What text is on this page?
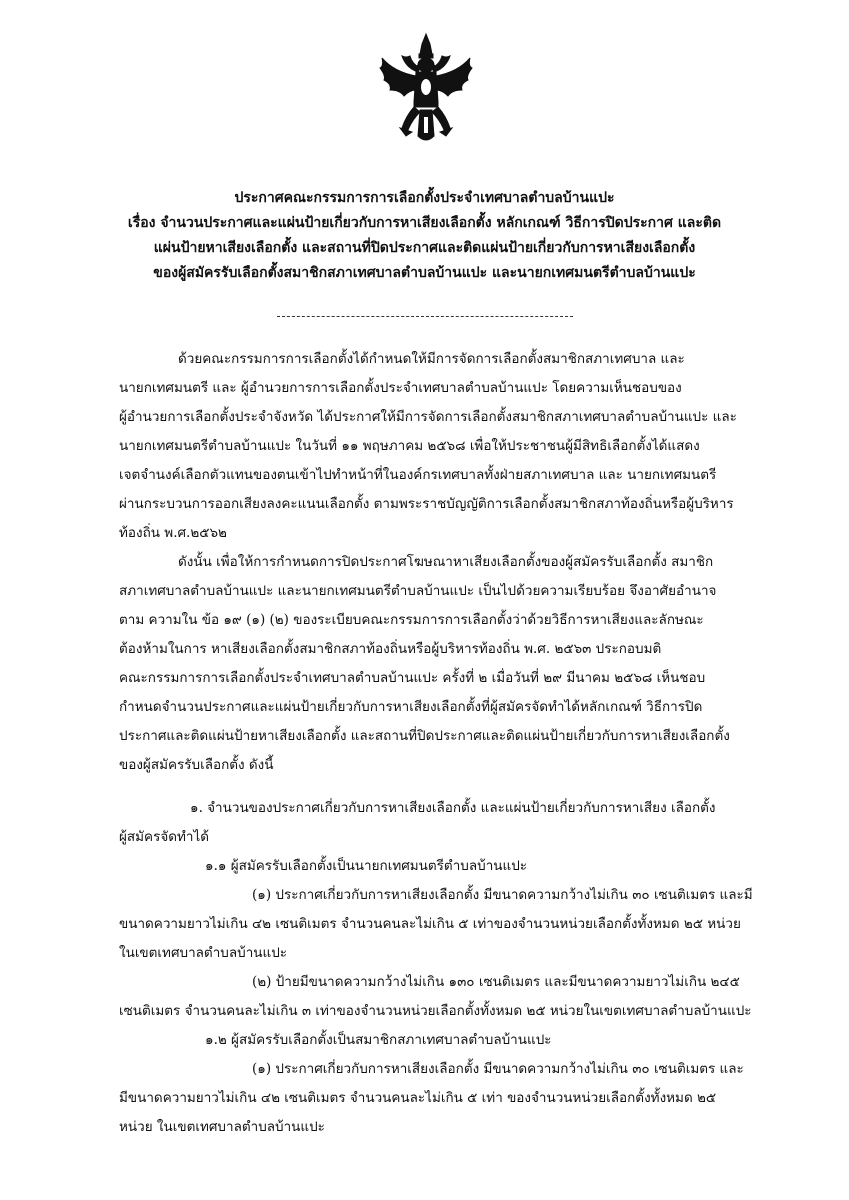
ประกาศคณะกรรมการการเลือกตั้งประจำเทศบาลตำบลบ้านแปะ
เรื่อง จำนวนประกาศและแผ่นป้ายเกี่ยวกับการหาเสียงเลือกตั้ง หลักเกณฑ์ วิธีการปิดประกาศ และติด
แผ่นป้ายหาเสียงเลือกตั้ง และสถานที่ปิดประกาศและติดแผ่นป้ายเกี่ยวกับการหาเสียงเลือกตั้ง
ของผู้สมัครรับเลือกตั้งสมาชิกสภาเทศบาลตำบลบ้านแปะ และนายกเทศมนตรีตำบลบ้านแปะ
ด้วยคณะกรรมการการเลือกตั้งได้กำหนดให้มีการจัดการเลือกตั้งสมาชิกสภาเทศบาล และ
นายกเทศมนตรี และ ผู้อำนวยการการเลือกตั้งประจำเทศบาลตำบลบ้านแปะ โดยความเห็นชอบของ
ผู้อำนวยการเลือกตั้งประจำจังหวัด ได้ประกาศให้มีการจัดการเลือกตั้งสมาชิกสภาเทศบาลตำบลบ้านแปะ และ
นายกเทศมนตรีตำบลบ้านแปะ ในวันที่ ๑๑ พฤษภาคม ๒๕๖๘ เพื่อให้ประชาชนผู้มีสิทธิเลือกตั้งได้แสดง
เจตจำนงค์เลือกตัวแทนของตนเข้าไปทำหน้าที่ในองค์กรเทศบาลทั้งฝ่ายสภาเทศบาล และ นายกเทศมนตรี
ผ่านกระบวนการออกเสียงลงคะแนนเลือกตั้ง ตามพระราชบัญญัติการเลือกตั้งสมาชิกสภาท้องถิ่นหรือผู้บริหาร
ท้องถิ่น พ.ศ.๒๕๖๒
ดังนั้น เพื่อให้การกำหนดการปิดประกาศโฆษณาหาเสียงเลือกตั้งของผู้สมัครรับเลือกตั้ง สมาชิก
สภาเทศบาลตำบลบ้านแปะ และนายกเทศมนตรีตำบลบ้านแปะ เป็นไปด้วยความเรียบร้อย จึงอาศัยอำนาจ
ตาม ความใน ข้อ ๑๙ (๑) (๒) ของระเบียบคณะกรรมการการเลือกตั้งว่าด้วยวิธีการหาเสียงและลักษณะ
ต้องห้ามในการ หาเสียงเลือกตั้งสมาชิกสภาท้องถิ่นหรือผู้บริหารท้องถิ่น พ.ศ. ๒๕๖๓ ประกอบมติ
คณะกรรมการการเลือกตั้งประจำเทศบาลตำบลบ้านแปะ ครั้งที่ ๒ เมื่อวันที่ ๒๙ มีนาคม ๒๕๖๘ เห็นชอบ
กำหนดจำนวนประกาศและแผ่นป้ายเกี่ยวกับการหาเสียงเลือกตั้งที่ผู้สมัครจัดทำได้หลักเกณฑ์ วิธีการปิด
ประกาศและติดแผ่นป้ายหาเสียงเลือกตั้ง และสถานที่ปิดประกาศและติดแผ่นป้ายเกี่ยวกับการหาเสียงเลือกตั้ง
ของผู้สมัครรับเลือกตั้ง ดังนี้
๑. จำนวนของประกาศเกี่ยวกับการหาเสียงเลือกตั้ง และแผ่นป้ายเกี่ยวกับการหาเสียง เลือกตั้ง
ผู้สมัครจัดทำได้
๑.๑ ผู้สมัครรับเลือกตั้งเป็นนายกเทศมนตรีตำบลบ้านแปะ
(๑) ประกาศเกี่ยวกับการหาเสียงเลือกตั้ง มีขนาดความกว้างไม่เกิน ๓๐ เซนติเมตร และมี
ขนาดความยาวไม่เกิน ๔๒ เซนติเมตร จำนวนคนละไม่เกิน ๕ เท่าของจำนวนหน่วยเลือกตั้งทั้งหมด ๒๕ หน่วย
ในเขตเทศบาลตำบลบ้านแปะ
(๒) ป้ายมีขนาดความกว้างไม่เกิน ๑๓๐ เซนติเมตร และมีขนาดความยาวไม่เกิน ๒๔๕
เซนติเมตร จำนวนคนละไม่เกิน ๓ เท่าของจำนวนหน่วยเลือกตั้งทั้งหมด ๒๕ หน่วยในเขตเทศบาลตำบลบ้านแปะ
๑.๒ ผู้สมัครรับเลือกตั้งเป็นสมาชิกสภาเทศบาลตำบลบ้านแปะ
(๑) ประกาศเกี่ยวกับการหาเสียงเลือกตั้ง มีขนาดความกว้างไม่เกิน ๓๐ เซนติเมตร และ
มีขนาดความยาวไม่เกิน ๔๒ เซนติเมตร จำนวนคนละไม่เกิน ๕ เท่า ของจำนวนหน่วยเลือกตั้งทั้งหมด ๒๕
หน่วย ในเขตเทศบาลตำบลบ้านแปะ
